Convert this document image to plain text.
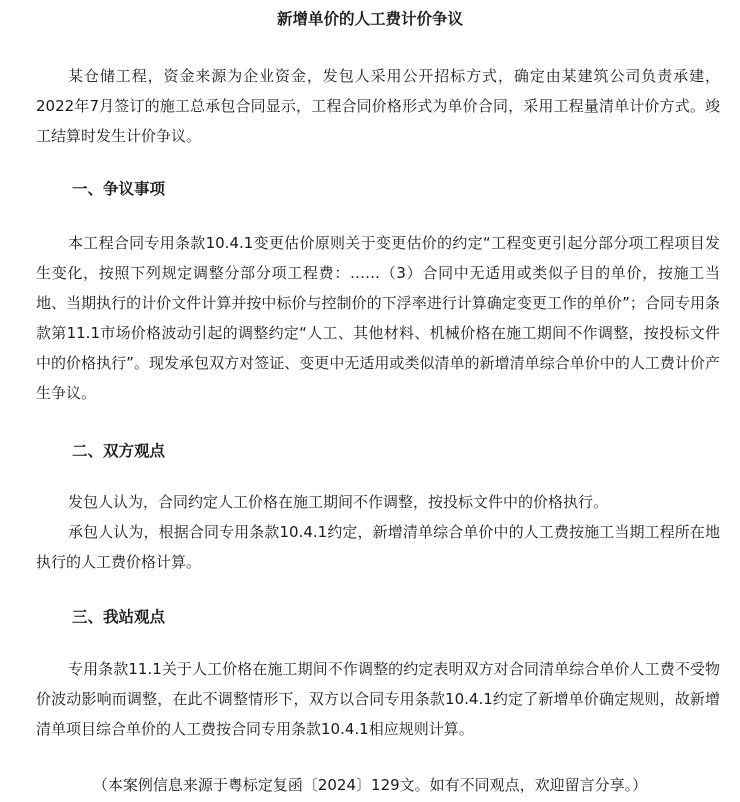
新增单价的人工费计价争议
某仓储工程，资金来源为企业资金，发包人采用公开招标方式，确定由某建筑公司负责承建，2022年7月签订的施工总承包合同显示，工程合同价格形式为单价合同，采用工程量清单计价方式。竣工结算时发生计价争议。
一、争议事项
本工程合同专用条款10.4.1变更估价原则关于变更估价的约定“工程变更引起分部分项工程项目发生变化，按照下列规定调整分部分项工程费：……（3）合同中无适用或类似子目的单价，按施工当地、当期执行的计价文件计算并按中标价与控制价的下浮率进行计算确定变更工作的单价”；合同专用条款第11.1市场价格波动引起的调整约定“人工、其他材料、机械价格在施工期间不作调整，按投标文件中的价格执行”。现发承包双方对签证、变更中无适用或类似清单的新增清单综合单价中的人工费计价产生争议。
二、双方观点
发包人认为，合同约定人工价格在施工期间不作调整，按投标文件中的价格执行。
承包人认为，根据合同专用条款10.4.1约定，新增清单综合单价中的人工费按施工当期工程所在地执行的人工费价格计算。
三、我站观点
专用条款11.1关于人工价格在施工期间不作调整的约定表明双方对合同清单综合单价人工费不受物价波动影响而调整，在此不调整情形下，双方以合同专用条款10.4.1约定了新增单价确定规则，故新增清单项目综合单价的人工费按合同专用条款10.4.1相应规则计算。
（本案例信息来源于粤标定复函〔2024〕129文。如有不同观点，欢迎留言分享。）
